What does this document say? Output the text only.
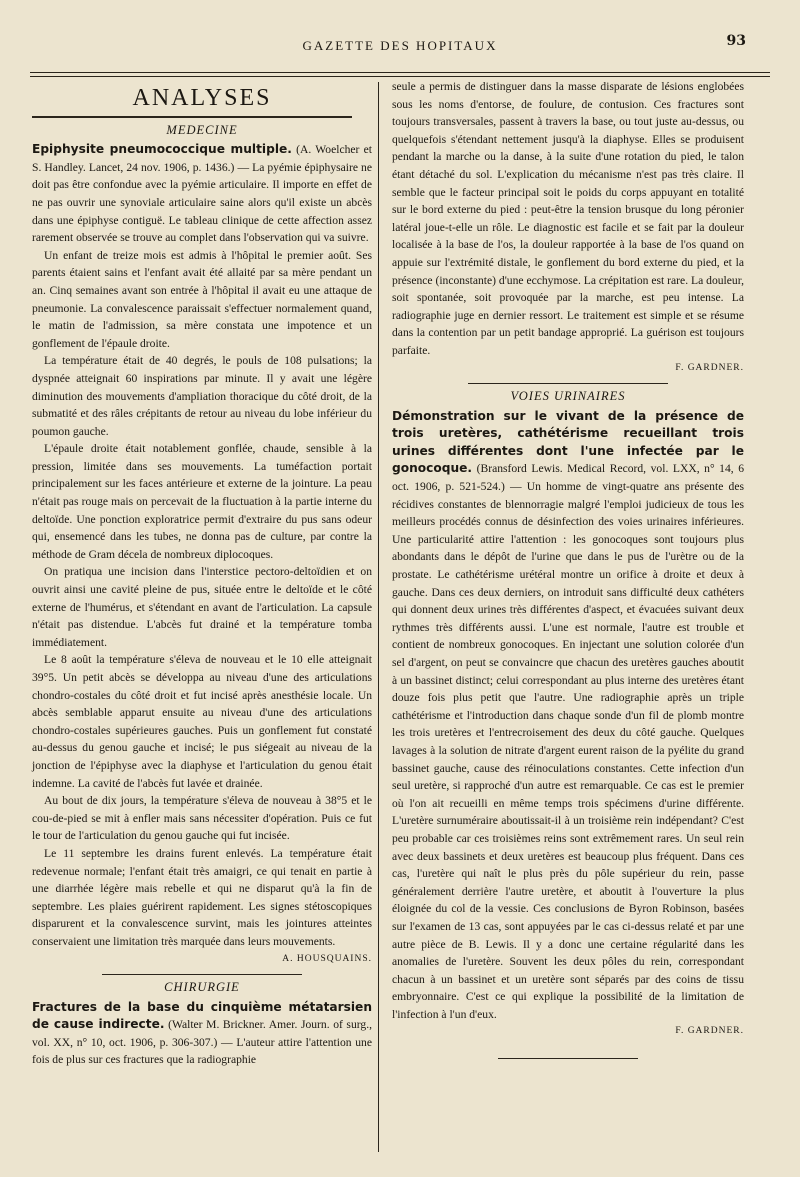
GAZETTE DES HOPITAUX	93
ANALYSES
MEDECINE

Epiphysite pneumococcique multiple. (A. Woelcher et S. Handley. Lancet, 24 nov. 1906, p. 1436.) — La pyémie épiphysaire ne doit pas être confondue avec la pyémie articulaire. Il importe en effet de ne pas ouvrir une synoviale articulaire saine alors qu'il existe un abcès dans une épiphyse contiguë. Le tableau clinique de cette affection assez rarement observée se trouve au complet dans l'observation qui va suivre.

Un enfant de treize mois est admis à l'hôpital le premier août. Ses parents étaient sains et l'enfant avait été allaité par sa mère pendant un an. Cinq semaines avant son entrée à l'hôpital il avait eu une attaque de pneumonie. La convalescence paraissait s'effectuer normalement quand, le matin de l'admission, sa mère constata une impotence et un gonflement de l'épaule droite.

La température était de 40 degrés, le pouls de 108 pulsations; la dyspnée atteignait 60 inspirations par minute. Il y avait une légère diminution des mouvements d'ampliation thoracique du côté droit, de la submatité et des râles crépitants de retour au niveau du lobe inférieur du poumon gauche.

L'épaule droite était notablement gonflée, chaude, sensible à la pression, limitée dans ses mouvements. La tuméfaction portait principalement sur les faces antérieure et externe de la jointure. La peau n'était pas rouge mais on percevait de la fluctuation à la partie interne du deltoïde. Une ponction exploratrice permit d'extraire du pus sans odeur qui, ensemencé dans les tubes, ne donna pas de culture, par contre la méthode de Gram décela de nombreux diplocoques.

On pratiqua une incision dans l'interstice pectoro-deltoïdien et on ouvrit ainsi une cavité pleine de pus, située entre le deltoïde et le côté externe de l'humérus, et s'étendant en avant de l'articulation. La capsule n'était pas distendue. L'abcès fut drainé et la température tomba immédiatement.

Le 8 août la température s'éleva de nouveau et le 10 elle atteignait 39°5. Un petit abcès se développa au niveau d'une des articulations chondro-costales du côté droit et fut incisé après anesthésie locale. Un abcès semblable apparut ensuite au niveau d'une des articulations chondro-costales supérieures gauches. Puis un gonflement fut constaté au-dessus du genou gauche et incisé; le pus siégeait au niveau de la jonction de l'épiphyse avec la diaphyse et l'articulation du genou était indemne. La cavité de l'abcès fut lavée et drainée.

Au bout de dix jours, la température s'éleva de nouveau à 38°5 et le cou-de-pied se mit à enfler mais sans nécessiter d'opération. Puis ce fut le tour de l'articulation du genou gauche qui fut incisée.

Le 11 septembre les drains furent enlevés. La température était redevenue normale; l'enfant était très amaigri, ce qui tenait en partie à une diarrhée légère mais rebelle et qui ne disparut qu'à la fin de septembre. Les plaies guérirent rapidement. Les signes stétoscopiques disparurent et la convalescence survint, mais les jointures atteintes conservaient une limitation très marquée dans leurs mouvements.

A. HOUSQUAINS.

CHIRURGIE

Fractures de la base du cinquième métatarsien de cause indirecte. (Walter M. Brickner. Amer. Journ. of surg., vol. XX, n° 10, oct. 1906, p. 306-307.) — L'auteur attire l'attention une fois de plus sur ces fractures que la radiographie

seule a permis de distinguer dans la masse disparate de lésions englobées sous les noms d'entorse, de foulure, de contusion. Ces fractures sont toujours transversales, passent à travers la base, ou tout juste au-dessus, ou quelquefois s'étendant nettement jusqu'à la diaphyse. Elles se produisent pendant la marche ou la danse, à la suite d'une rotation du pied, le talon étant détaché du sol. L'explication du mécanisme n'est pas très claire. Il semble que le facteur principal soit le poids du corps appuyant en totalité sur le bord externe du pied : peut-être la tension brusque du long péronier latéral joue-t-elle un rôle. Le diagnostic est facile et se fait par la douleur localisée à la base de l'os, la douleur rapportée à la base de l'os quand on appuie sur l'extrémité distale, le gonflement du bord externe du pied, et la présence (inconstante) d'une ecchymose. La crépitation est rare. La douleur, soit spontanée, soit provoquée par la marche, est peu intense. La radiographie juge en dernier ressort. Le traitement est simple et se résume dans la contention par un petit bandage approprié. La guérison est toujours parfaite.

F. GARDNER.

VOIES URINAIRES

Démonstration sur le vivant de la présence de trois uretères, cathétérisme recueillant trois urines différentes dont l'une infectée par le gonocoque. (Bransford Lewis. Medical Record, vol. LXX, n° 14, 6 oct. 1906, p. 521-524.) — Un homme de vingt-quatre ans présente des récidives constantes de blennorragie malgré l'emploi judicieux de tous les meilleurs procédés connus de désinfection des voies urinaires inférieures. Une particularité attire l'attention : les gonocoques sont toujours plus abondants dans le dépôt de l'urine que dans le pus de l'urètre ou de la prostate. Le cathétérisme urétéral montre un orifice à droite et deux à gauche. Dans ces deux derniers, on introduit sans difficulté deux cathéters qui donnent deux urines très différentes d'aspect, et évacuées suivant deux rythmes très différents aussi. L'une est normale, l'autre est trouble et contient de nombreux gonocoques. En injectant une solution colorée d'un sel d'argent, on peut se convaincre que chacun des uretères gauches aboutit à un bassinet distinct; celui correspondant au plus interne des uretères étant douze fois plus petit que l'autre. Une radiographie après un triple cathétérisme et l'introduction dans chaque sonde d'un fil de plomb montre les trois uretères et l'entrecroisement des deux du côté gauche. Quelques lavages à la solution de nitrate d'argent eurent raison de la pyélite du grand bassinet gauche, cause des réinoculations constantes. Cette infection d'un seul uretère, si rapproché d'un autre est remarquable. Ce cas est le premier où l'on ait recueilli en même temps trois spécimens d'urine différente. L'uretère surnuméraire aboutissait-il à un troisième rein indépendant? C'est peu probable car ces troisièmes reins sont extrêmement rares. Un seul rein avec deux bassinets et deux uretères est beaucoup plus fréquent. Dans ces cas, l'uretère qui naît le plus près du pôle supérieur du rein, passe généralement derrière l'autre uretère, et aboutit à l'ouverture la plus éloignée du col de la vessie. Ces conclusions de Byron Robinson, basées sur l'examen de 13 cas, sont appuyées par le cas ci-dessus relaté et par une autre pièce de B. Lewis. Il y a donc une certaine régularité dans les anomalies de l'uretère. Souvent les deux pôles du rein, correspondant chacun à un bassinet et un uretère sont séparés par des coins de tissu embryonnaire. C'est ce qui explique la possibilité de la limitation de l'infection à l'un d'eux.

F. GARDNER.
